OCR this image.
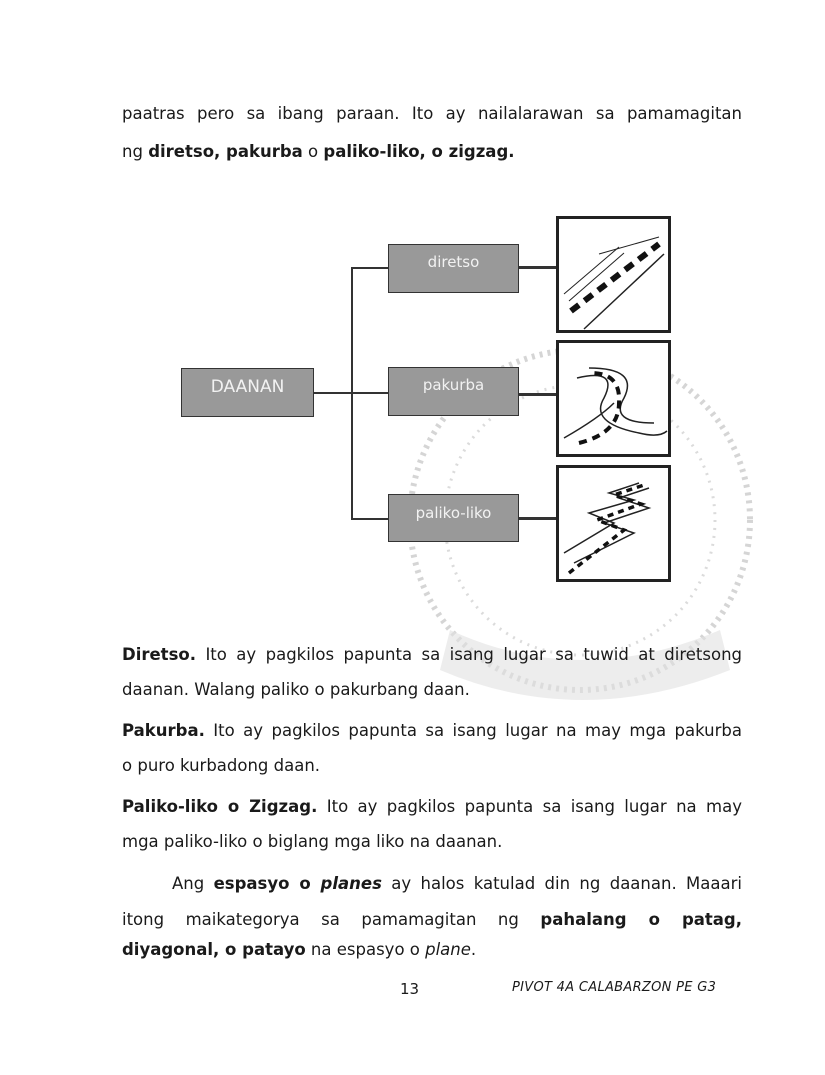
paatras pero sa ibang paraan. Ito ay nailalarawan sa pamamagitan

ng diretso, pakurba o paliko-liko, o zigzag.

DAANAN
diretso
pakurba
paliko-liko

Diretso. Ito ay pagkilos papunta sa isang lugar sa tuwid at diretsong

daanan. Walang paliko o pakurbang daan.

Pakurba. Ito ay pagkilos papunta sa isang lugar na may mga pakurba

o puro kurbadong daan.

Paliko-liko o Zigzag. Ito ay pagkilos papunta sa isang lugar na may

mga paliko-liko o biglang mga liko na daanan.

Ang espasyo o planes ay halos katulad din ng daanan. Maaari

itong maikategorya sa pamamagitan ng pahalang o patag,

diyagonal, o patayo na espasyo o plane.

13	PIVOT 4A CALABARZON PE G3
